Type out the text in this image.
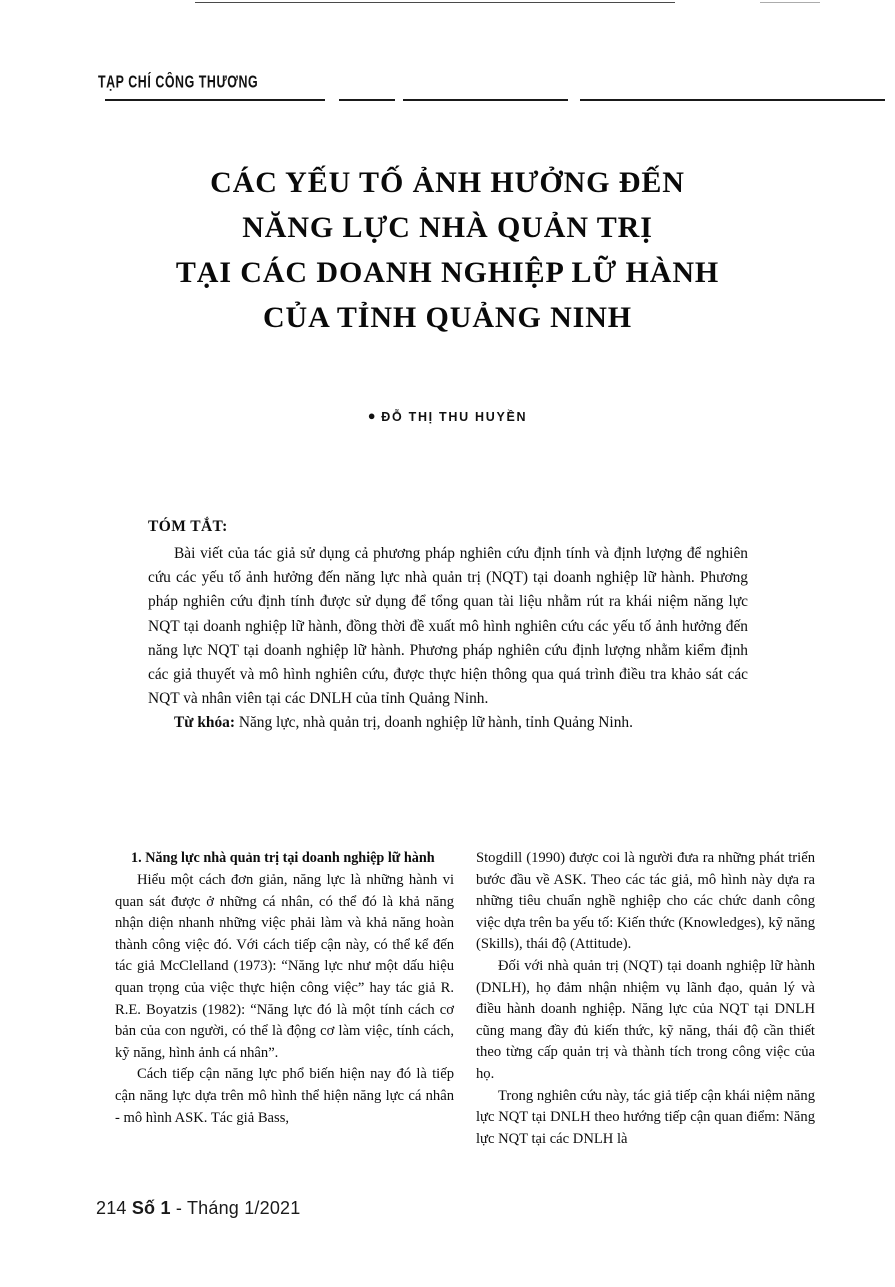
TẠP CHÍ CÔNG THƯƠNG
CÁC YẾU TỐ ẢNH HƯỞNG ĐẾN
NĂNG LỰC NHÀ QUẢN TRỊ
TẠI CÁC DOANH NGHIỆP LỮ HÀNH
CỦA TỈNH QUẢNG NINH
● ĐỖ THỊ THU HUYỀN
TÓM TẮT:

Bài viết của tác giả sử dụng cả phương pháp nghiên cứu định tính và định lượng để nghiên cứu các yếu tố ảnh hưởng đến năng lực nhà quản trị (NQT) tại doanh nghiệp lữ hành. Phương pháp nghiên cứu định tính được sử dụng để tổng quan tài liệu nhằm rút ra khái niệm năng lực NQT tại doanh nghiệp lữ hành, đồng thời đề xuất mô hình nghiên cứu các yếu tố ảnh hưởng đến năng lực NQT tại doanh nghiệp lữ hành. Phương pháp nghiên cứu định lượng nhằm kiểm định các giả thuyết và mô hình nghiên cứu, được thực hiện thông qua quá trình điều tra khảo sát các NQT và nhân viên tại các DNLH của tỉnh Quảng Ninh.

Từ khóa: Năng lực, nhà quản trị, doanh nghiệp lữ hành, tỉnh Quảng Ninh.

1. Năng lực nhà quản trị tại doanh nghiệp lữ hành

Hiểu một cách đơn giản, năng lực là những hành vi quan sát được ở những cá nhân, có thể đó là khả năng nhận diện nhanh những việc phải làm và khả năng hoàn thành công việc đó. Với cách tiếp cận này, có thể kể đến tác giả McClelland (1973): “Năng lực như một dấu hiệu quan trọng của việc thực hiện công việc” hay tác giả R. R.E. Boyatzis (1982): “Năng lực đó là một tính cách cơ bản của con người, có thể là động cơ làm việc, tính cách, kỹ năng, hình ảnh cá nhân”.

Cách tiếp cận năng lực phổ biến hiện nay đó là tiếp cận năng lực dựa trên mô hình thể hiện năng lực cá nhân - mô hình ASK. Tác giả Bass,

Stogdill (1990) được coi là người đưa ra những phát triển bước đầu về ASK. Theo các tác giả, mô hình này dựa ra những tiêu chuẩn nghề nghiệp cho các chức danh công việc dựa trên ba yếu tố: Kiến thức (Knowledges), kỹ năng (Skills), thái độ (Attitude).

Đối với nhà quản trị (NQT) tại doanh nghiệp lữ hành (DNLH), họ đảm nhận nhiệm vụ lãnh đạo, quản lý và điều hành doanh nghiệp. Năng lực của NQT tại DNLH cũng mang đầy đủ kiến thức, kỹ năng, thái độ cần thiết theo từng cấp quản trị và thành tích trong công việc của họ.

Trong nghiên cứu này, tác giả tiếp cận khái niệm năng lực NQT tại DNLH theo hướng tiếp cận quan điểm: Năng lực NQT tại các DNLH là

214 Số 1 - Tháng 1/2021
